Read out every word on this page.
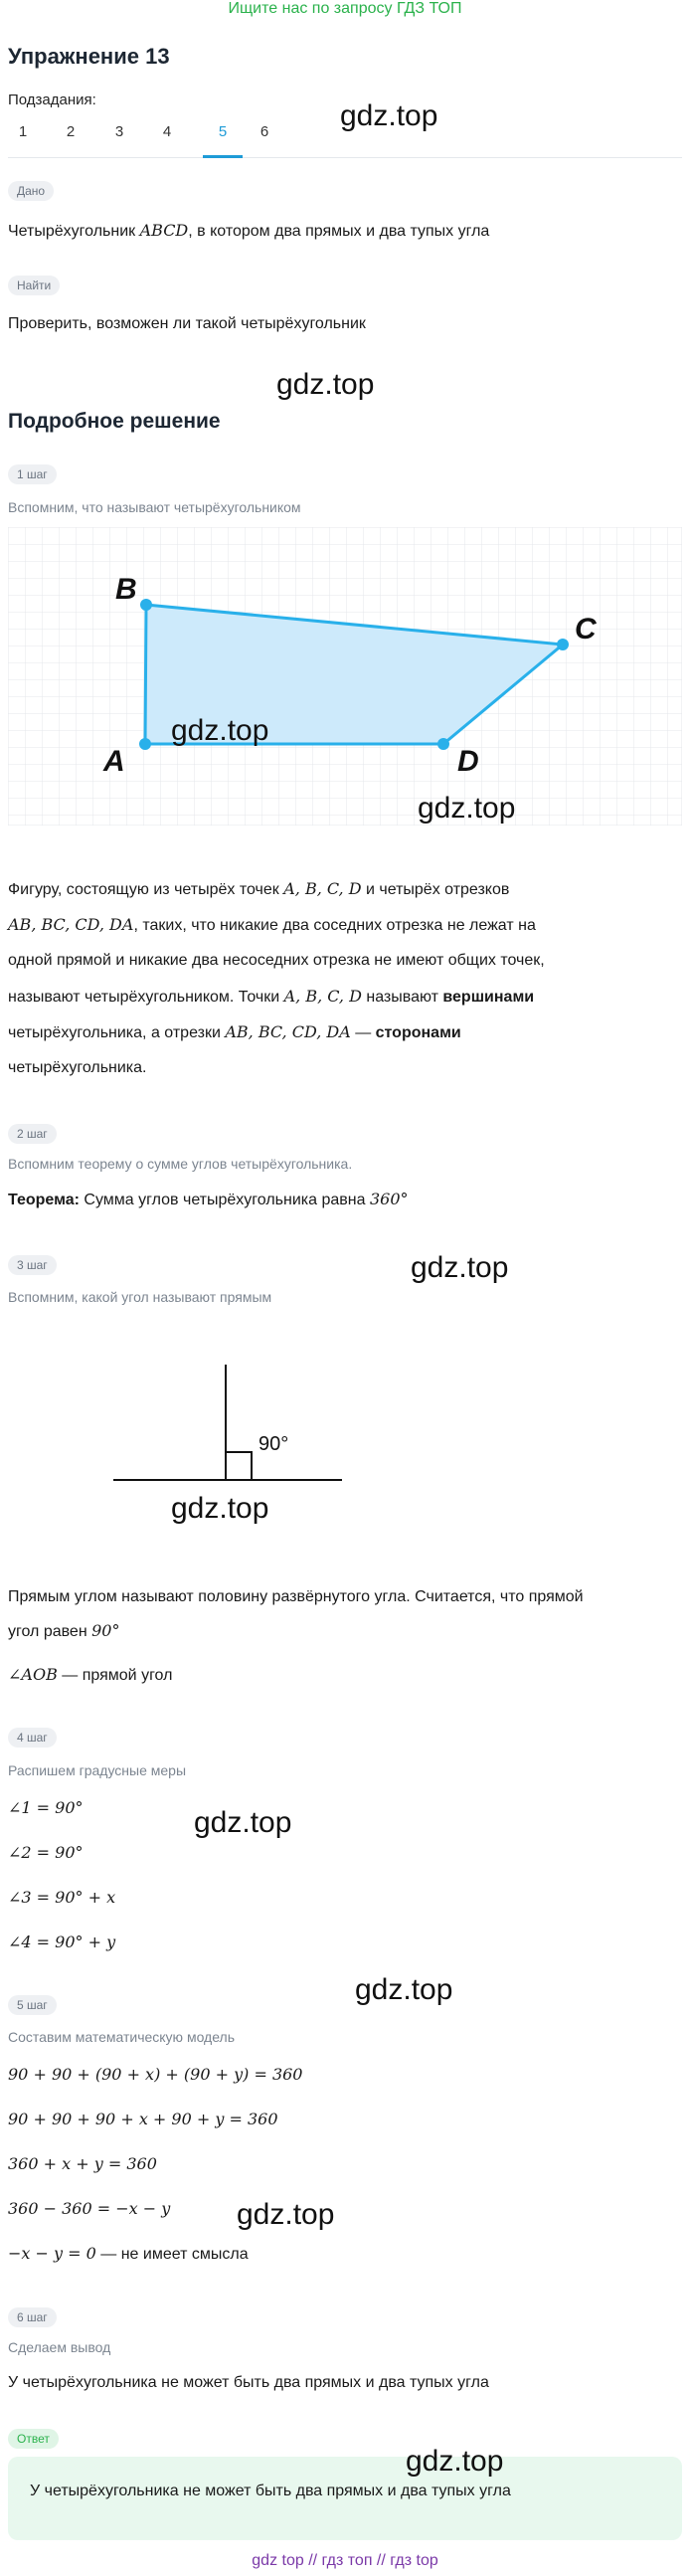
Ищите нас по запросу ГДЗ ТОП
Упражнение 13
Подзадания:
1	2	3	4	5	6	gdz.top
Дано
Четырёхугольник ABCD, в котором два прямых и два тупых угла
Найти
Проверить, возможен ли такой четырёхугольник
gdz.top
Подробное решение
1 шаг
Вспомним, что называют четырёхугольником
A
B
C
D
gdz.top
gdz.top
Фигуру, состоящую из четырёх точек A, B, C, D и четырёх отрезков
AB, BC, CD, DA, таких, что никакие два соседних отрезка не лежат на
одной прямой и никакие два несоседних отрезка не имеют общих точек,
называют четырёхугольником. Точки A, B, C, D называют вершинами
четырёхугольника, а отрезки AB, BC, CD, DA — сторонами
четырёхугольника.
2 шаг
Вспомним теорему о сумме углов четырёхугольника.
Теорема: Сумма углов четырёхугольника равна 360°
3 шаг	gdz.top
Вспомним, какой угол называют прямым
90°
gdz.top
Прямым углом называют половину развёрнутого угла. Считается, что прямой
угол равен 90°
∠AOB — прямой угол
4 шаг
Распишем градусные меры
∠1 = 90°	gdz.top
∠2 = 90°
∠3 = 90° + x
∠4 = 90° + y
gdz.top
5 шаг
Составим математическую модель
90 + 90 + (90 + x) + (90 + y) = 360
90 + 90 + 90 + x + 90 + y = 360
360 + x + y = 360
360 − 360 = −x − y gdz.top
−x − y = 0 — не имеет смысла
6 шаг
Сделаем вывод
У четырёхугольника не может быть два прямых и два тупых угла
Ответ
gdz.top
У четырёхугольника не может быть два прямых и два тупых угла
gdz top // гдз топ // гдз top
